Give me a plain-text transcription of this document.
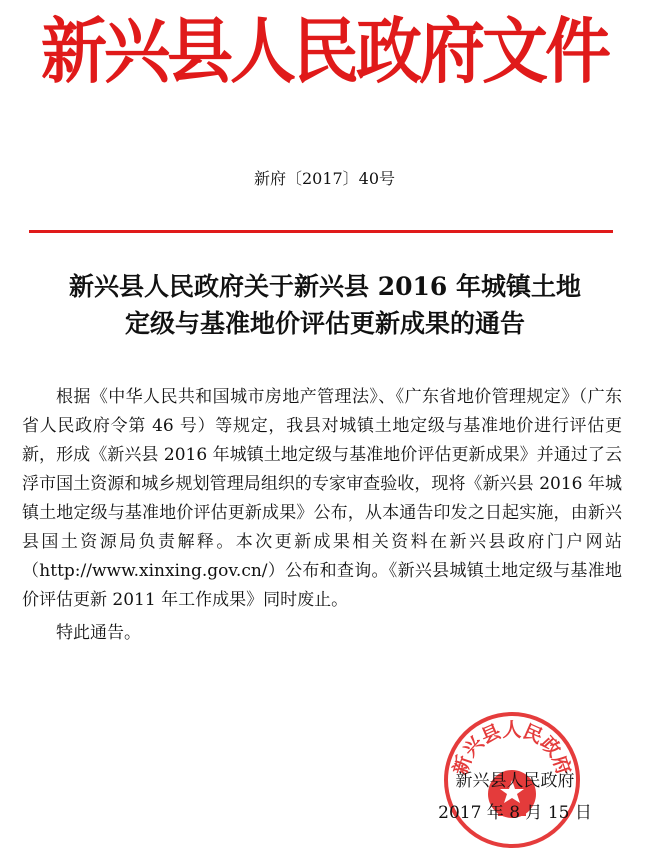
新兴县人民政府文件
新府〔2017〕40号
新兴县人民政府关于新兴县 2016 年城镇土地
定级与基准地价评估更新成果的通告

根据《中华人民共和国城市房地产管理法》、《广东省地价管理规定》（广东省人民政府令第 46 号）等规定，我县对城镇土地定级与基准地价进行评估更新，形成《新兴县 2016 年城镇土地定级与基准地价评估更新成果》并通过了云浮市国土资源和城乡规划管理局组织的专家审查验收，现将《新兴县 2016 年城镇土地定级与基准地价评估更新成果》公布，从本通告印发之日起实施，由新兴县国土资源局负责解释。本次更新成果相关资料在新兴县政府门户网站（http://www.xinxing.gov.cn/）公布和查询。《新兴县城镇土地定级与基准地价评估更新 2011 年工作成果》同时废止。

特此通告。

新兴县人民政府
新兴县人民政府
2017 年 8 月 15 日
